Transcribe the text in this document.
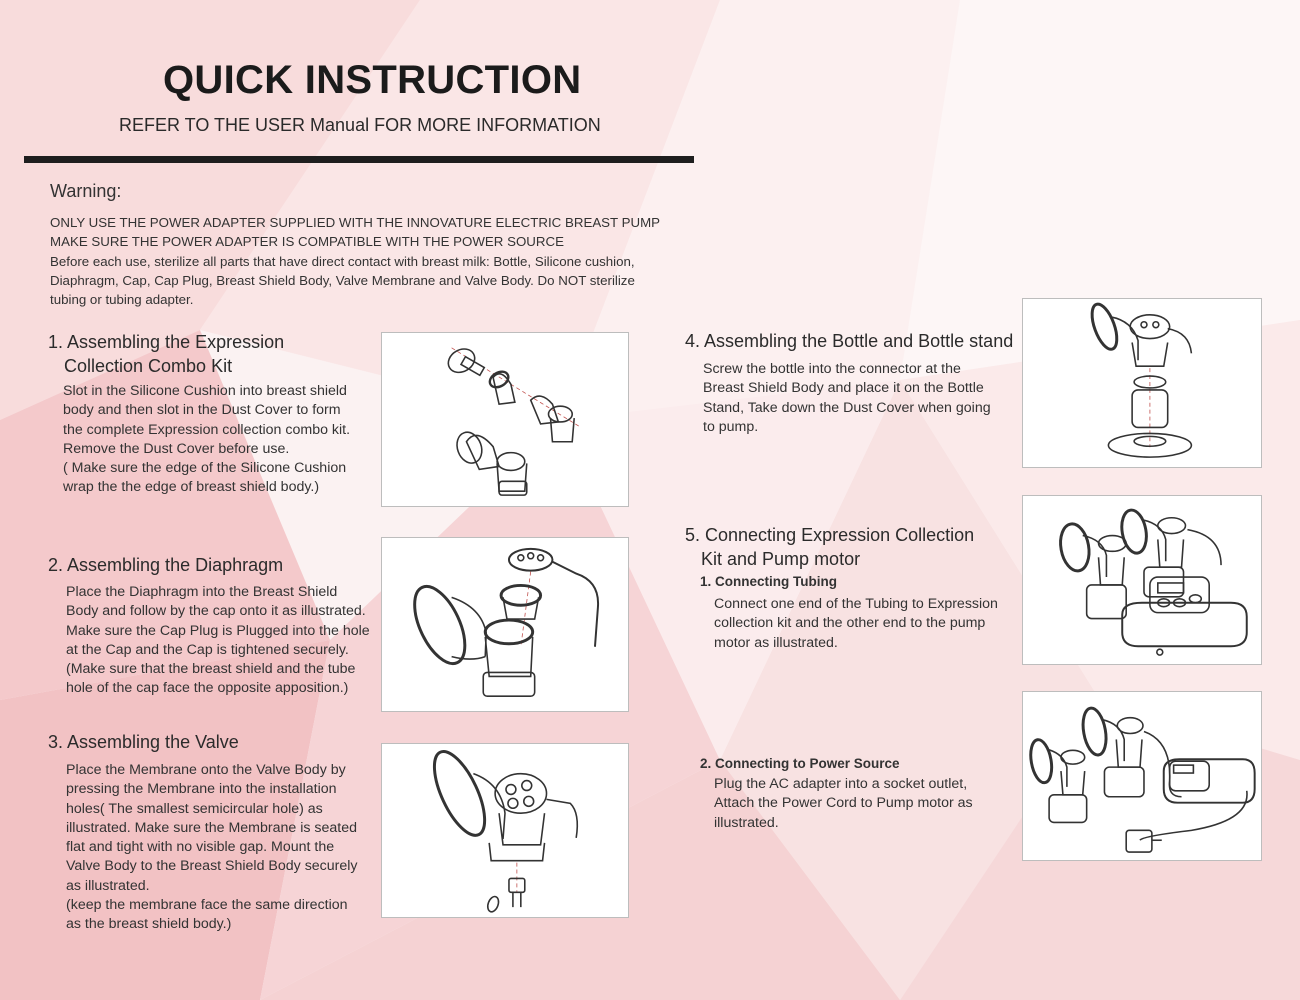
QUICK INSTRUCTION
REFER TO THE USER Manual FOR MORE INFORMATION
Warning:
ONLY USE THE POWER ADAPTER SUPPLIED WITH THE INNOVATURE ELECTRIC BREAST PUMP
MAKE SURE THE POWER ADAPTER IS COMPATIBLE WITH THE POWER SOURCE
Before each use, sterilize all parts that have direct contact with breast milk: Bottle, Silicone cushion,
Diaphragm, Cap, Cap Plug, Breast Shield Body, Valve Membrane and Valve Body. Do NOT sterilize
tubing or tubing adapter.
1. Assembling the Expression
Collection Combo Kit
Slot in the Silicone Cushion into breast shield
body and then slot in the Dust Cover to form
the complete Expression collection combo kit.
Remove the Dust Cover before use.
( Make sure the edge of the Silicone Cushion
wrap the the edge of breast shield body.)
2. Assembling the Diaphragm
Place the Diaphragm into the Breast Shield
Body and follow by the cap onto it as illustrated.
Make sure the Cap Plug is Plugged into the hole
at the Cap and the Cap is tightened securely.
(Make sure that the breast shield and the tube
hole of the cap face the opposite apposition.)
3. Assembling the Valve
Place the Membrane onto the Valve Body by
pressing the Membrane into the installation
holes( The smallest semicircular hole) as
illustrated. Make sure the Membrane is seated
flat and tight with no visible gap. Mount the
Valve Body to the Breast Shield Body securely
as illustrated.
(keep the membrane face the same direction
as the breast shield body.)
4. Assembling the Bottle and Bottle stand
Screw the bottle into the connector at the
Breast Shield Body and place it on the Bottle
Stand, Take down the Dust Cover when going
to pump.
5. Connecting Expression Collection
Kit and Pump motor
1. Connecting Tubing
Connect one end of the Tubing to Expression
collection kit and the other end to the pump
motor as illustrated.
2. Connecting to Power Source
Plug the AC adapter into a socket outlet,
Attach the Power Cord to Pump motor as
illustrated.
